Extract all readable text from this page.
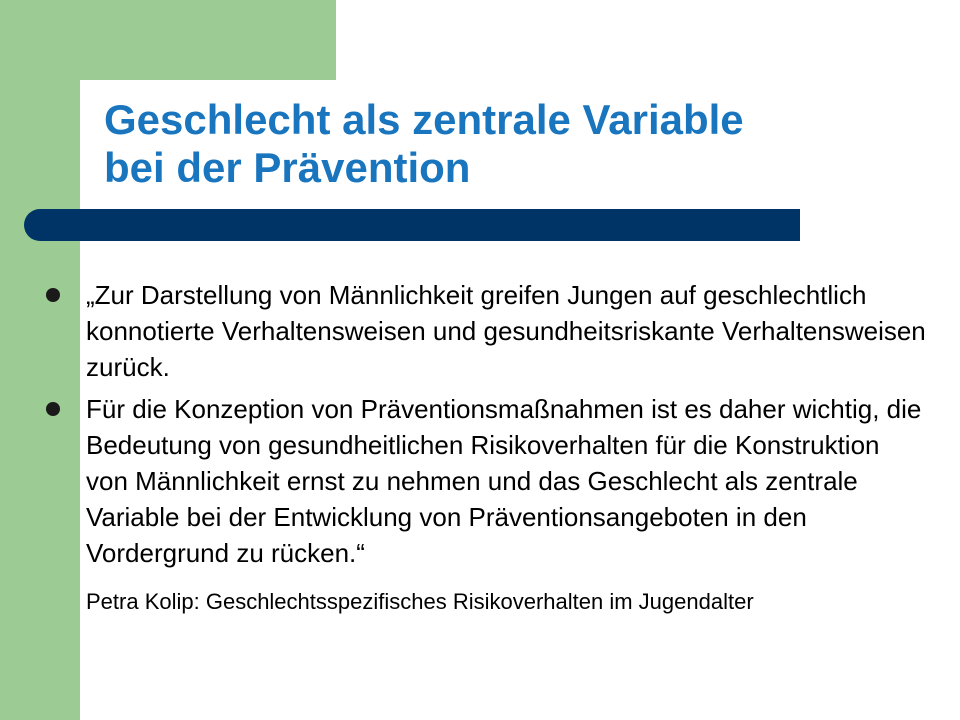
Geschlecht als zentrale Variable
bei der Prävention
„Zur Darstellung von Männlichkeit greifen Jungen auf geschlechtlich konnotierte Verhaltensweisen und gesundheitsriskante Verhaltensweisen zurück.
Für die Konzeption von Präventionsmaßnahmen ist es daher wichtig, die Bedeutung von gesundheitlichen Risikoverhalten für die Konstruktion von Männlichkeit ernst zu nehmen und das Geschlecht als zentrale Variable bei der Entwicklung von Präventionsangeboten in den Vordergrund zu rücken.“
Petra Kolip: Geschlechtsspezifisches Risikoverhalten im Jugendalter
